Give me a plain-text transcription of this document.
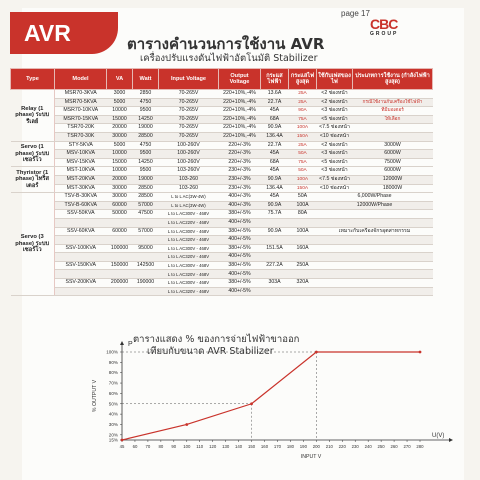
AVR
page 17
CBC
GROUP
ตารางคำนวนการใช้งาน AVR
เครื่องปรับแรงดันไฟฟ้าอัตโนมัติ Stabilizer
Type	Model	VA	Watt	Input Voltage	Output Voltage	กระแสไฟฟ้า	กระแสไฟสูงสุด	ใช้กับเฟสของไฟ	ประเภทการใช้งาน (กำลังไฟฟ้าสูงสุด)
Relay (1 phase) ระบบรีเลย์	MSR70-3KVA	3000	2850	70-265V	220+10%,-4%	13.6A	25A	<2 ช่องหน้า	
	MSR70-5KVA	5000	4750	70-265V	220+10%,-4%	22.7A	25A	<2 ช่องหน้า	กรณีใช้งานกับเครื่องใช้ไฟฟ้า
	MSR70-10KVA	10000	9500	70-265V	220+10%,-4%	45A	90A	<3 ช่องหน้า	ที่มีมอเตอร์
	MSR70-15KVA	15000	14250	70-265V	220+10%,-4%	68A	75A	<5 ช่องหน้า	ให้เลือก
	TSR70-20K	20000	19000	70-265V	220+10%,-4%	90.9A	100A	<7.5 ช่องหน้า	
	TSR70-30K	30000	28500	70-265V	220+10%,-4%	136.4A	150A	<10 ช่องหน้า	
Servo (1 phase) ระบบเซอร์โว	STY-5KVA	5000	4750	100-260V	220+/-3%	22.7A	25A	<2 ช่องหน้า	3000W
	MSV-10KVA	10000	9500	100-260V	220+/-3%	45A	50A	<3 ช่องหน้า	6000W
	MSV-15KVA	15000	14250	100-260V	220+/-3%	68A	75A	<5 ช่องหน้า	7500W
Thyristor (1 phase) ไทริสเตอร์	MST-10KVA	10000	9500	103-260V	230+/-3%	45A	50A	<3 ช่องหน้า	6000W
	MST-20KVA	20000	19000	103-260	230+/-3%	90.9A	100A	<7.5 ช่องหน้า	12000W
	MST-30KVA	30000	28500	103-260	230+/-3%	136.4A	150A	<10 ช่องหน้า	18000W
Servo (3 phase) ระบบเซอร์โว	TSV-B-30KVA	30000	28500	L to L AC(3W-4W)	400+/-3%	45A	50A	6,000W/Phase	
	TSV-B-60KVA	60000	57000	L to L AC(3W-4W)	400+/-3%	90.9A	100A	12000W/Phase	
	SSV-50KVA	50000	47500	L to L AC300V - 468V	380+/-5%	75.7A	80A		
				L to L AC220V - 468V	400+/-5%				
	SSV-60KVA	60000	57000	L to L AC300V - 468V	380+/-5%	90.9A	100A	เหมาะกับเครื่องจักรอุตสาหกรรม	
				L to L AC320V - 468V	400+/-5%				
	SSV-100KVA	100000	95000	L to L AC300V - 468V	380+/-5%	151.5A	160A		
				L to L AC320V - 468V	400+/-5%				
	SSV-150KVA	150000	142500	L to L AC300V - 468V	380+/-5%	227.2A	250A		
				L to L AC320V - 468V	400+/-5%				
	SSV-200KVA	200000	190000	L to L AC300V - 468V	380+/-5%	303A	320A		
				L to L AC320V - 468V	400+/-5%				
ตารางแสดง % ของการจ่ายไฟฟ้าขาออก
เทียบกับขนาด AVR Stabilizer
P
U(V)
% OUTPUT V
INPUT V
15%
20%
30%
40%
50%
60%
70%
80%
90%
100%
45 60 70 80 90 100 110 120 130 140 150 160 170 180 190 200 210 220 230 240 250 260 270 280
